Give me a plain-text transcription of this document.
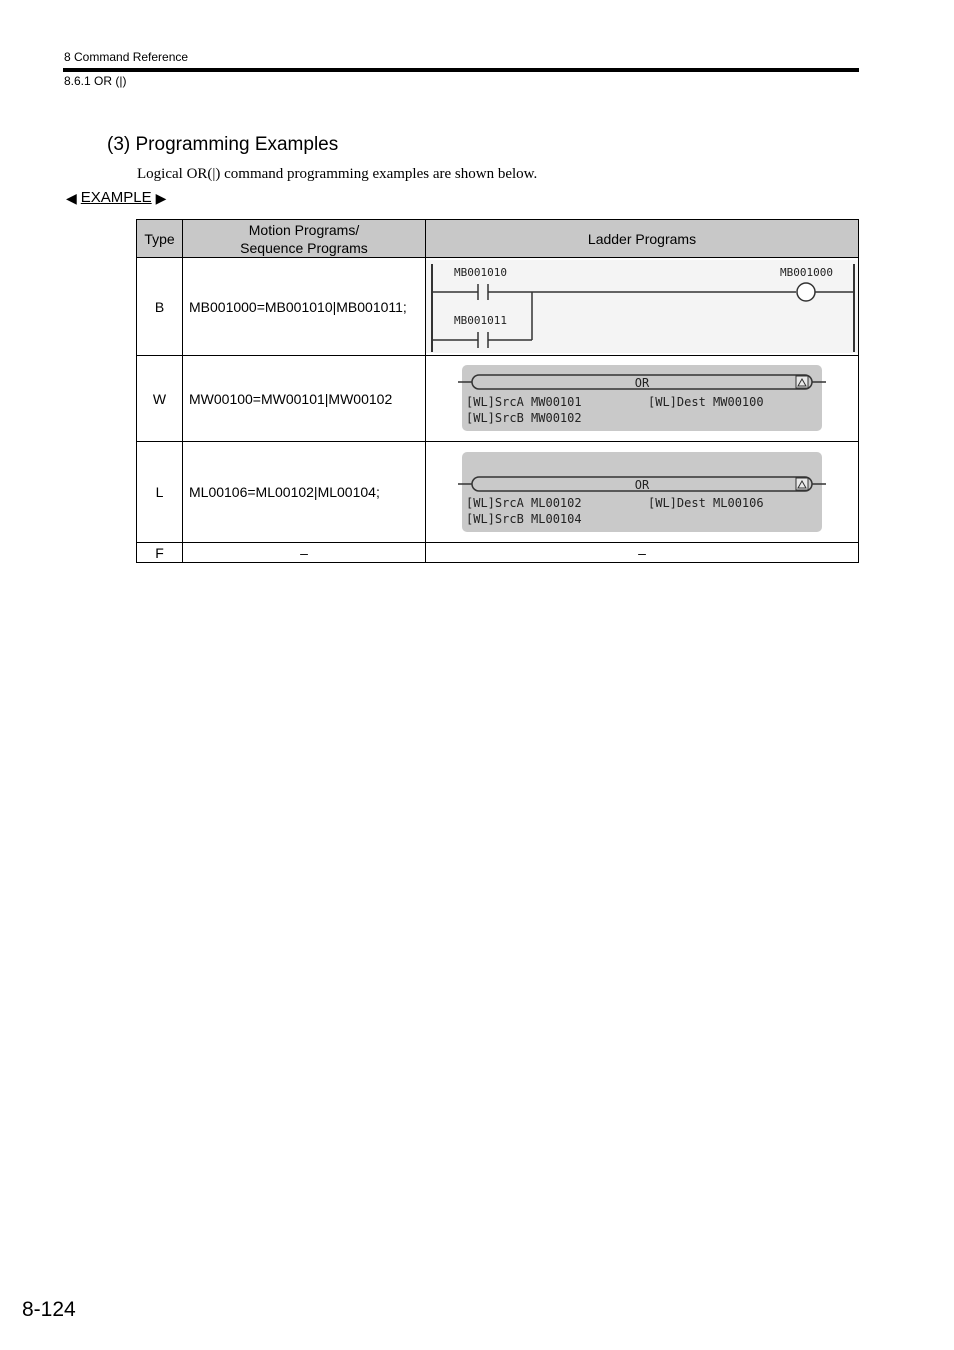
8 Command Reference
8.6.1 OR (|)
(3) Programming Examples
Logical OR(|) command programming examples are shown below.
◀ EXAMPLE ▶
Type	Motion Programs/
Sequence Programs	Ladder Programs
B	MB001000=MB001010|MB001011;	MB001010 MB001000
MB001011

W	MW00100=MW00101|MW00102	OR
[WL]SrcA MW00101 [WL]Dest MW00100
[WL]SrcB MW00102

L	ML00106=ML00102|ML00104;	OR
[WL]SrcA ML00102 [WL]Dest ML00106
[WL]SrcB ML00104

F	–	–
8-124
